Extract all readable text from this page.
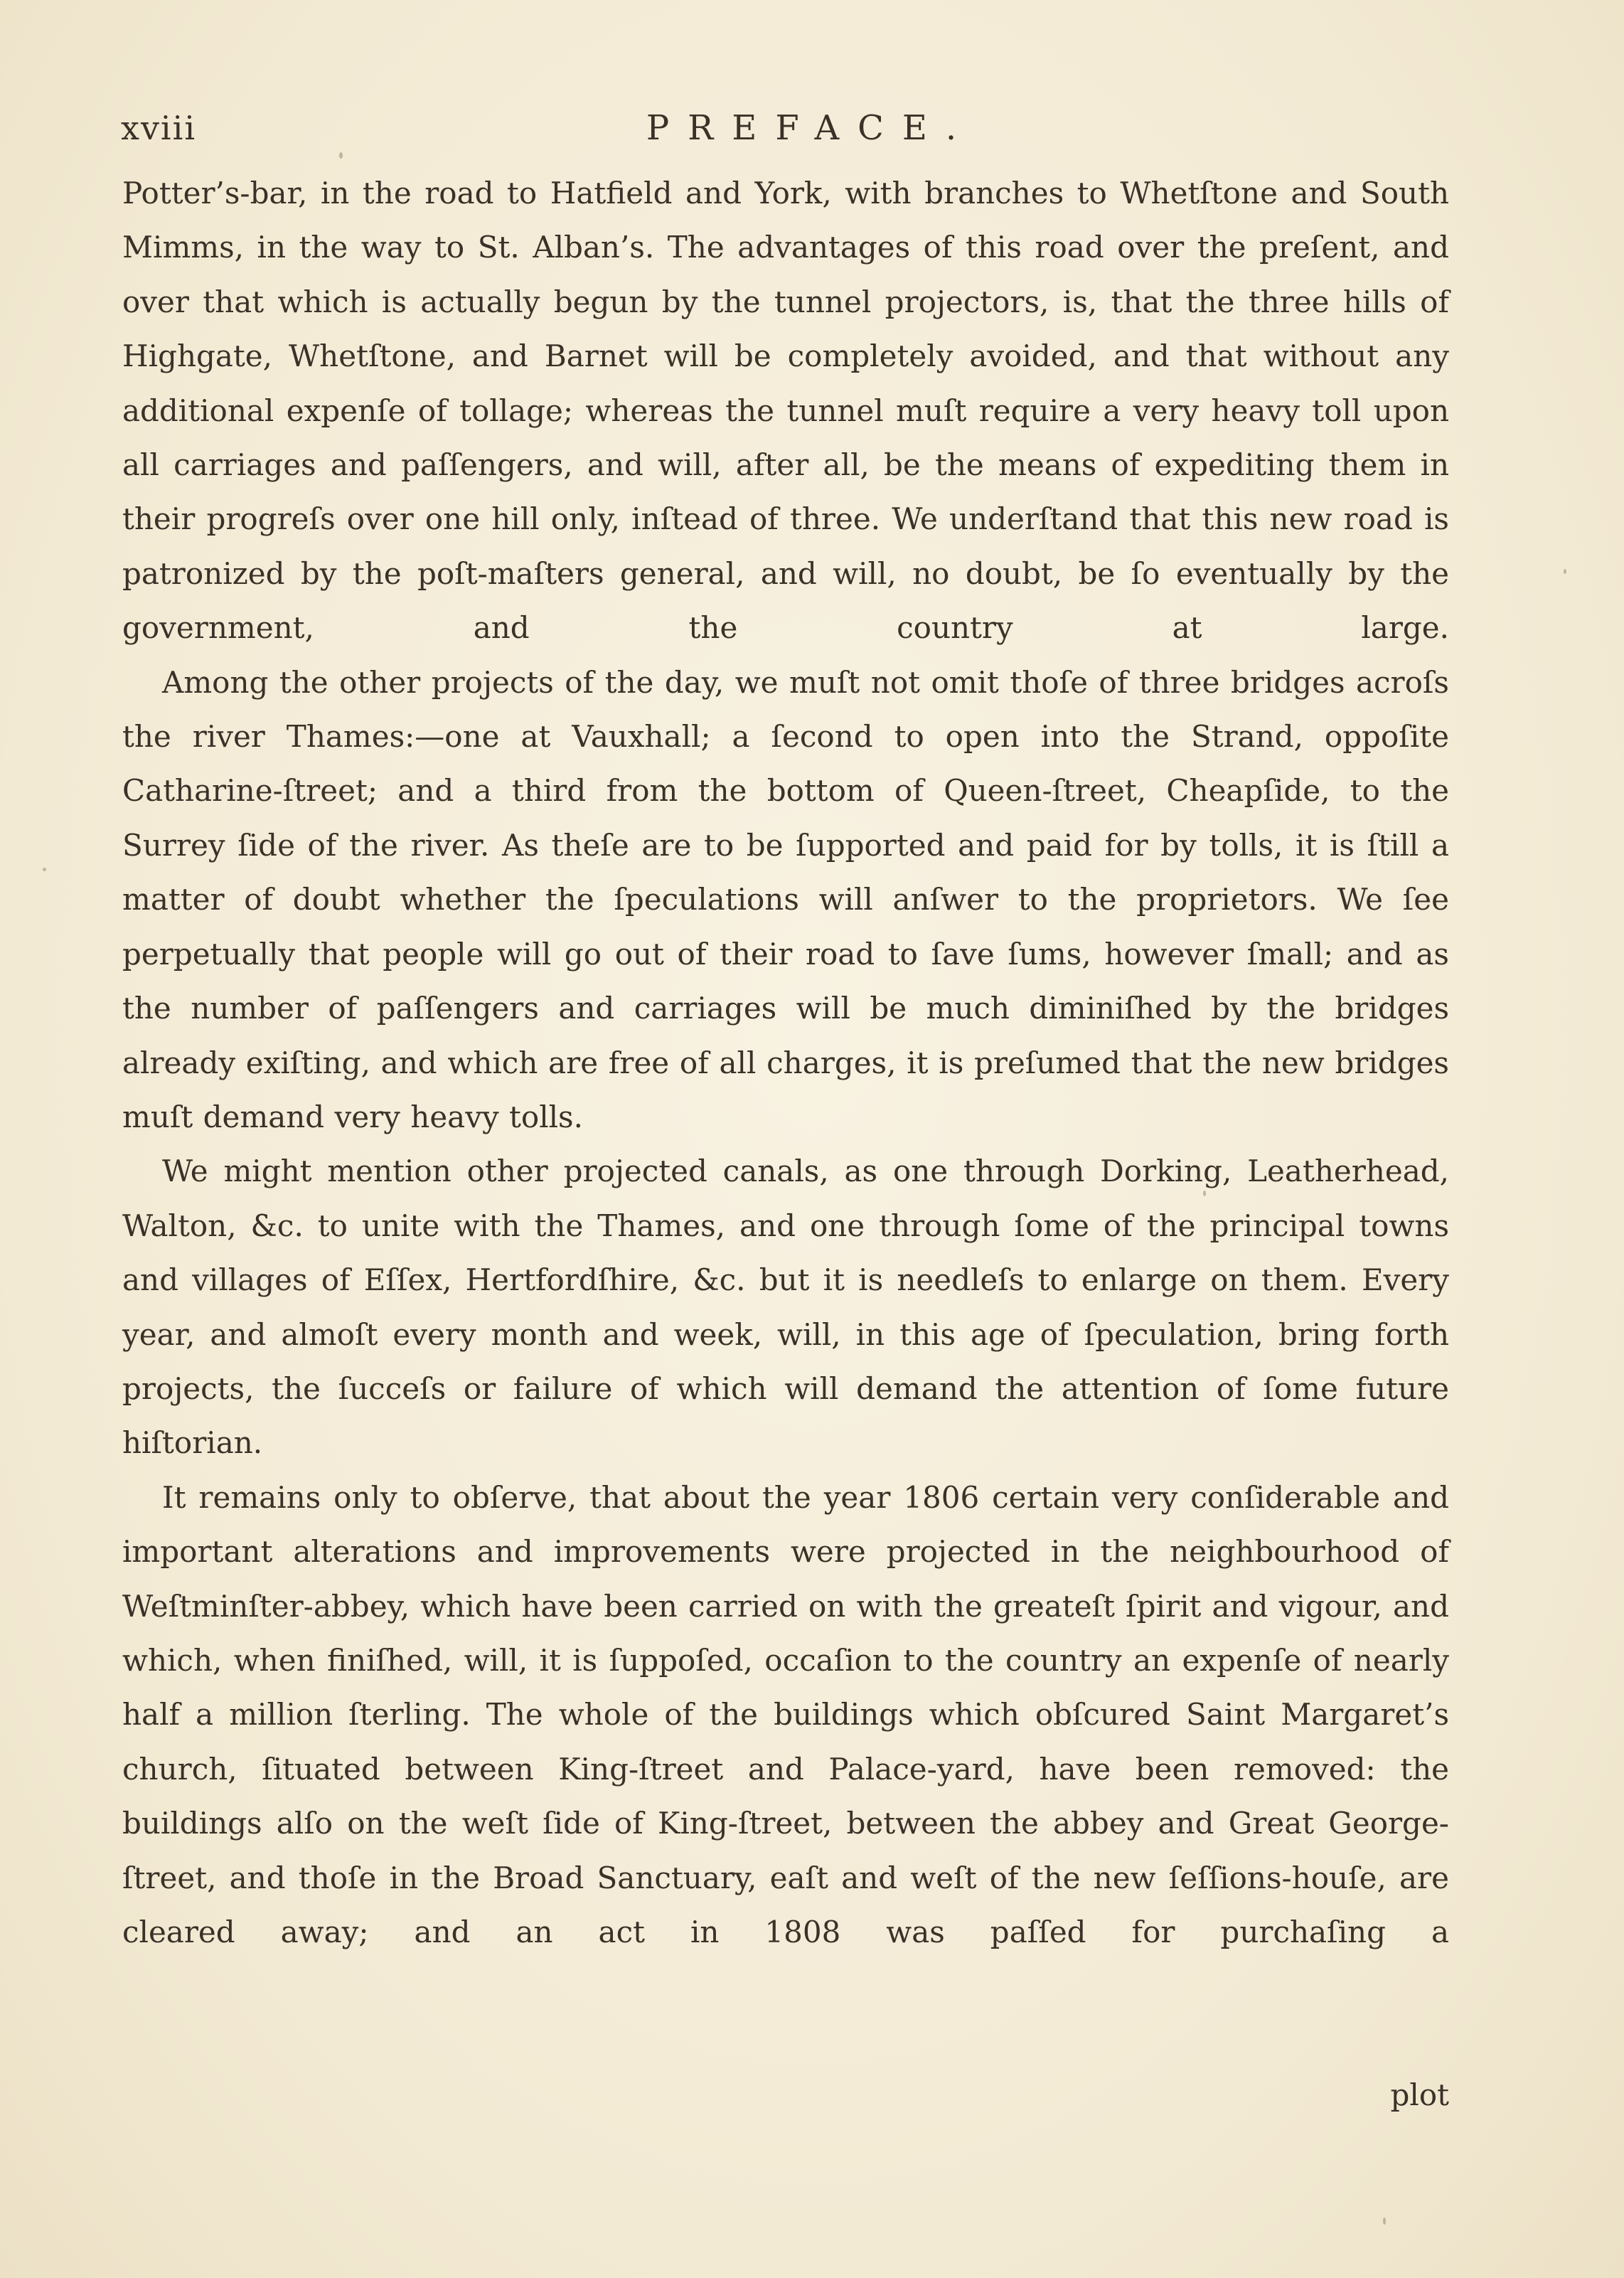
xviii	PREFACE.

Potter’s-bar, in the road to Hatfield and York, with branches to Whetſtone and South Mimms, in the way to St. Alban’s. The advantages of this road over the preſent, and over that which is actually begun by the tunnel projectors, is, that the three hills of Highgate, Whetſtone, and Barnet will be completely avoided, and that without any additional expenſe of tollage; whereas the tunnel muſt require a very heavy toll upon all carriages and paſſengers, and will, after all, be the means of expediting them in their progreſs over one hill only, inſtead of three. We underſtand that this new road is patronized by the poſt-maſters general, and will, no doubt, be ſo eventually by the government, and the country at large.

Among the other projects of the day, we muſt not omit thoſe of three bridges acroſs the river Thames:—one at Vauxhall; a ſecond to open into the Strand, oppoſite Catharine-ſtreet; and a third from the bottom of Queen-ſtreet, Cheapſide, to the Surrey ſide of the river. As theſe are to be ſupported and paid for by tolls, it is ſtill a matter of doubt whether the ſpeculations will anſwer to the proprietors. We ſee perpetually that people will go out of their road to ſave ſums, however ſmall; and as the number of paſſengers and carriages will be much diminiſhed by the bridges already exiſting, and which are free of all charges, it is preſumed that the new bridges muſt demand very heavy tolls.

We might mention other projected canals, as one through Dorking, Leatherhead, Walton, &c. to unite with the Thames, and one through ſome of the principal towns and villages of Eſſex, Hertfordſhire, &c. but it is needleſs to enlarge on them. Every year, and almoſt every month and week, will, in this age of ſpeculation, bring forth projects, the ſucceſs or failure of which will demand the attention of ſome future hiſtorian.

It remains only to obſerve, that about the year 1806 certain very conſiderable and important alterations and improvements were projected in the neighbourhood of Weſtminſter-abbey, which have been carried on with the greateſt ſpirit and vigour, and which, when finiſhed, will, it is ſuppoſed, occaſion to the country an expenſe of nearly half a million ſterling. The whole of the buildings which obſcured Saint Margaret’s church, ſituated between King-ſtreet and Palace-yard, have been removed: the buildings alſo on the weſt ſide of King-ſtreet, between the abbey and Great George-ſtreet, and thoſe in the Broad Sanctuary, eaſt and weſt of the new ſeſſions-houſe, are cleared away; and an act in 1808 was paſſed for purchaſing a

plot
